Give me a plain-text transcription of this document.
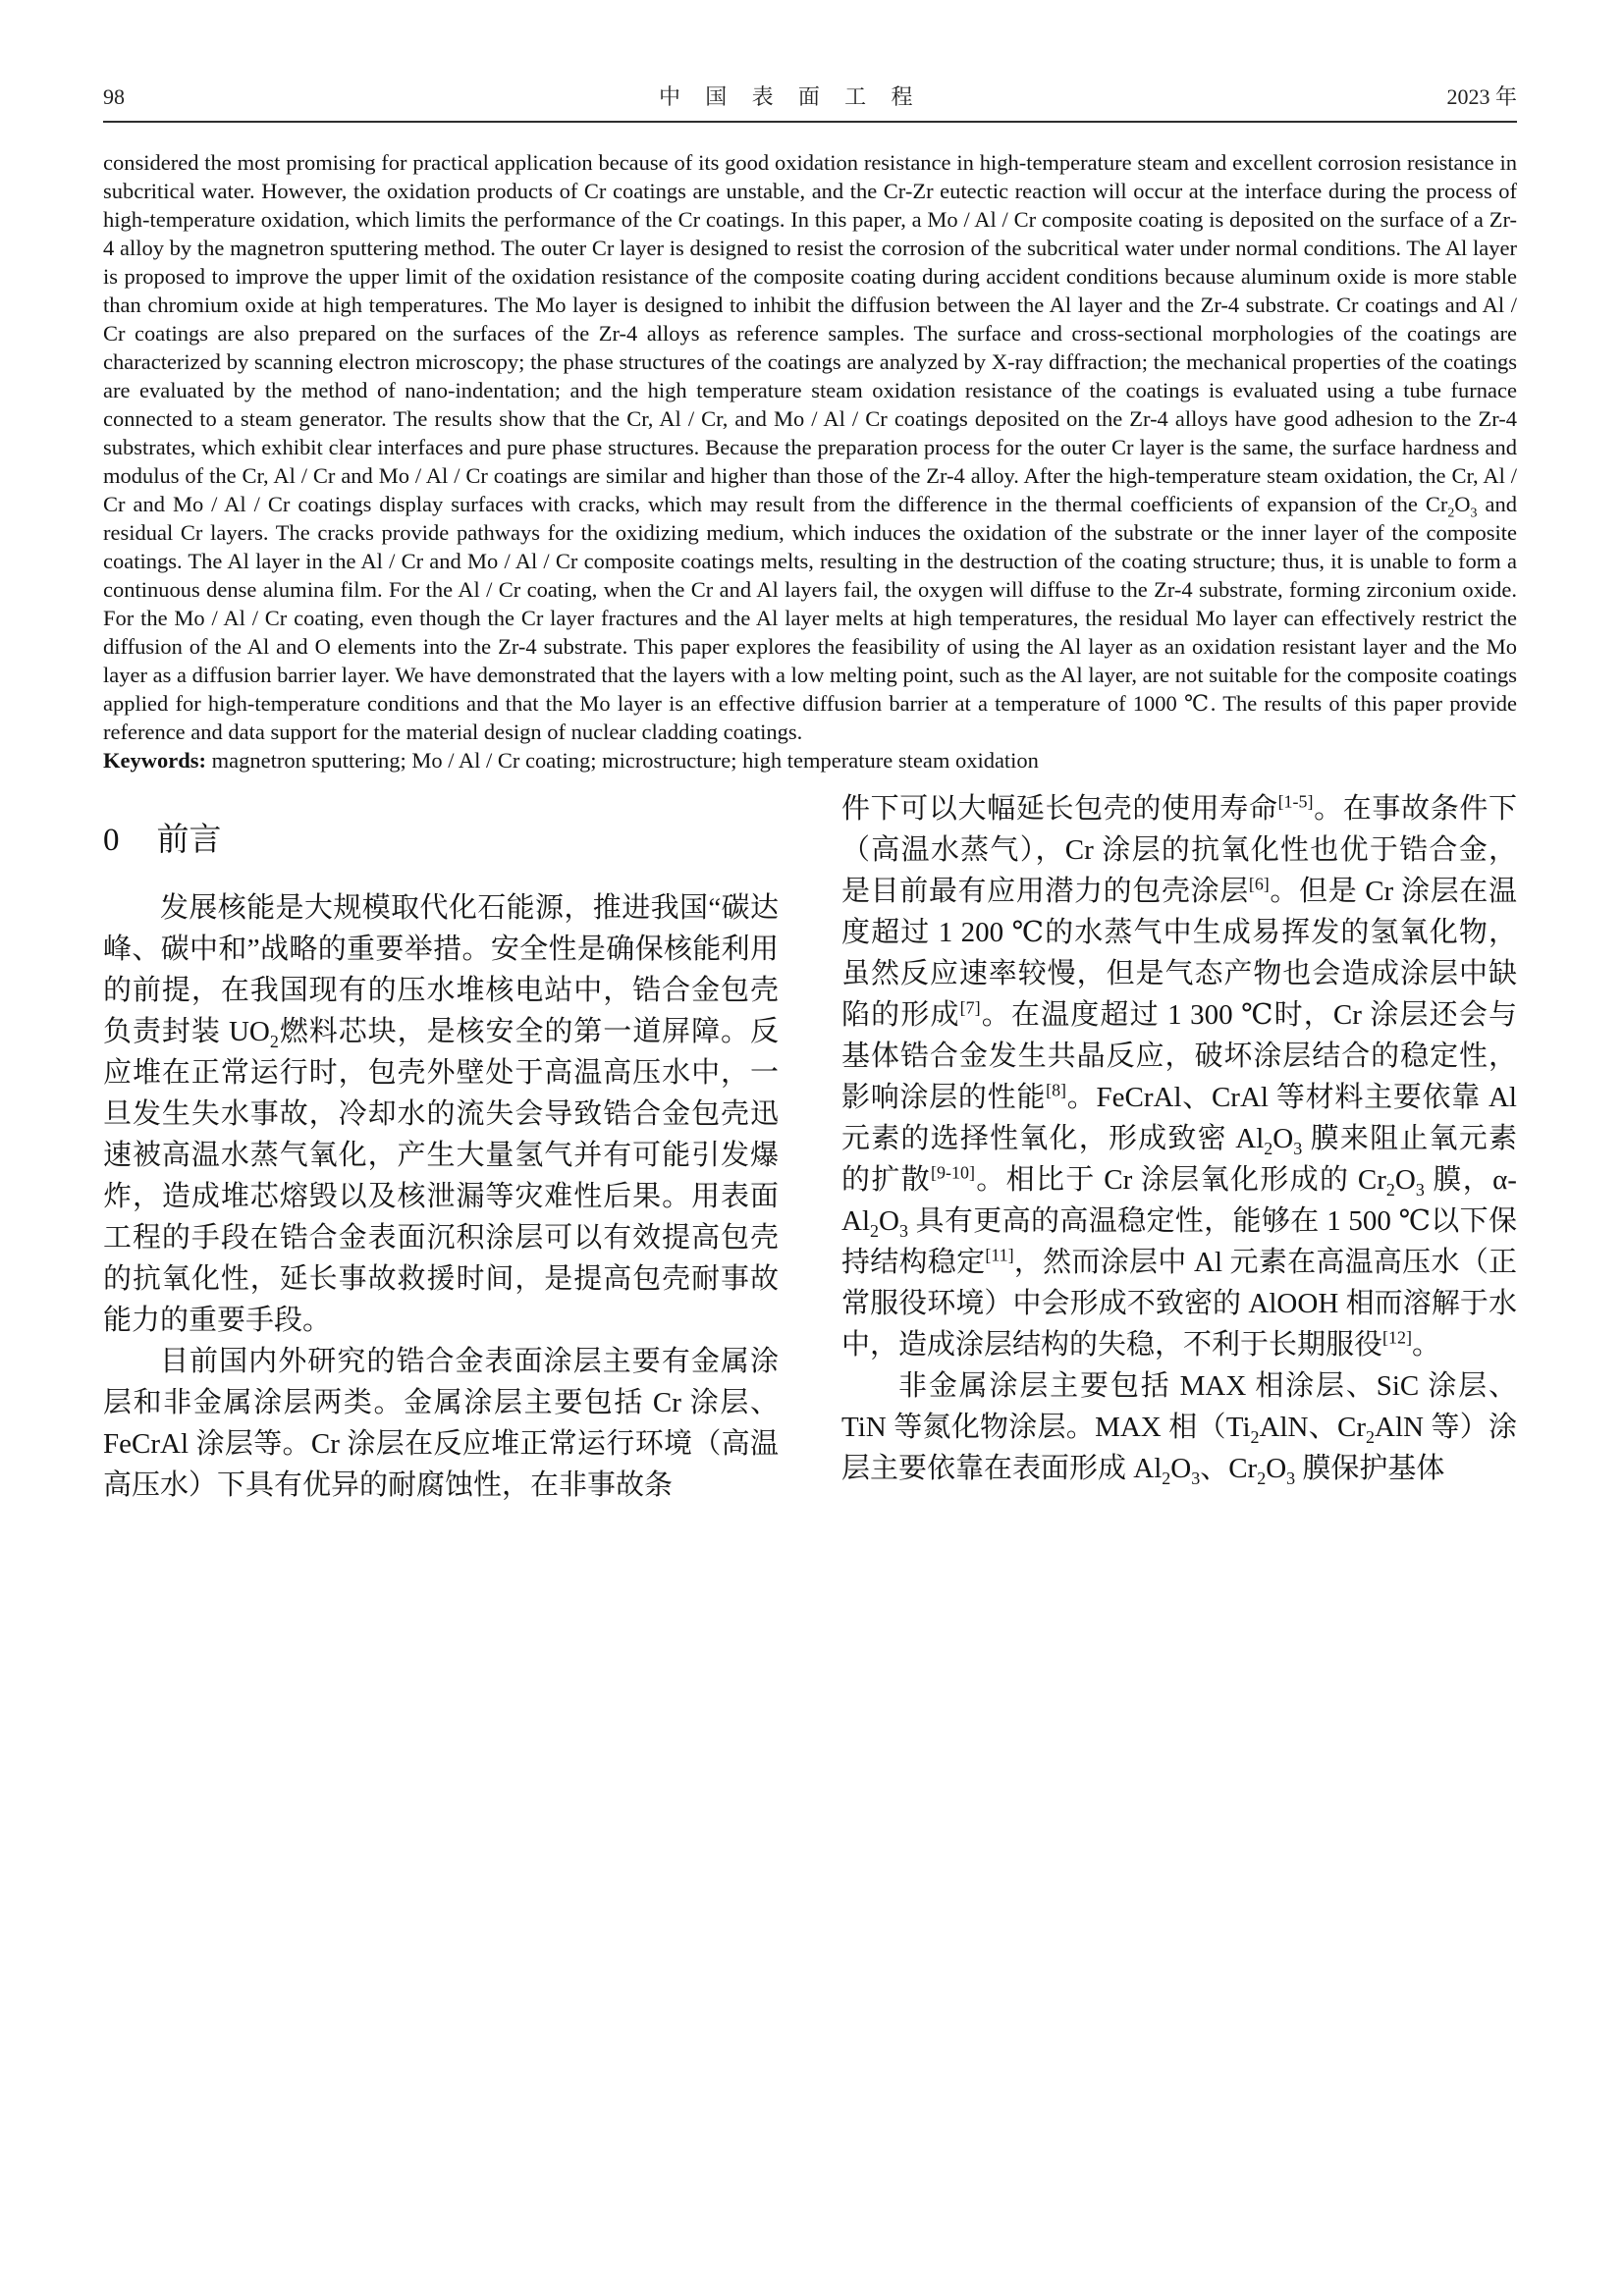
98	中 国 表 面 工 程	2023 年

considered the most promising for practical application because of its good oxidation resistance in high-temperature steam and excellent corrosion resistance in subcritical water. However, the oxidation products of Cr coatings are unstable, and the Cr-Zr eutectic reaction will occur at the interface during the process of high-temperature oxidation, which limits the performance of the Cr coatings. In this paper, a Mo / Al / Cr composite coating is deposited on the surface of a Zr-4 alloy by the magnetron sputtering method. The outer Cr layer is designed to resist the corrosion of the subcritical water under normal conditions. The Al layer is proposed to improve the upper limit of the oxidation resistance of the composite coating during accident conditions because aluminum oxide is more stable than chromium oxide at high temperatures. The Mo layer is designed to inhibit the diffusion between the Al layer and the Zr-4 substrate. Cr coatings and Al / Cr coatings are also prepared on the surfaces of the Zr-4 alloys as reference samples. The surface and cross-sectional morphologies of the coatings are characterized by scanning electron microscopy; the phase structures of the coatings are analyzed by X-ray diffraction; the mechanical properties of the coatings are evaluated by the method of nano-indentation; and the high temperature steam oxidation resistance of the coatings is evaluated using a tube furnace connected to a steam generator. The results show that the Cr, Al / Cr, and Mo / Al / Cr coatings deposited on the Zr-4 alloys have good adhesion to the Zr-4 substrates, which exhibit clear interfaces and pure phase structures. Because the preparation process for the outer Cr layer is the same, the surface hardness and modulus of the Cr, Al / Cr and Mo / Al / Cr coatings are similar and higher than those of the Zr-4 alloy. After the high-temperature steam oxidation, the Cr, Al / Cr and Mo / Al / Cr coatings display surfaces with cracks, which may result from the difference in the thermal coefficients of expansion of the $Cr_2O_3$ and residual Cr layers. The cracks provide pathways for the oxidizing medium, which induces the oxidation of the substrate or the inner layer of the composite coatings. The Al layer in the Al / Cr and Mo / Al / Cr composite coatings melts, resulting in the destruction of the coating structure; thus, it is unable to form a continuous dense alumina film. For the Al / Cr coating, when the Cr and Al layers fail, the oxygen will diffuse to the Zr-4 substrate, forming zirconium oxide. For the Mo / Al / Cr coating, even though the Cr layer fractures and the Al layer melts at high temperatures, the residual Mo layer can effectively restrict the diffusion of the Al and O elements into the Zr-4 substrate. This paper explores the feasibility of using the Al layer as an oxidation resistant layer and the Mo layer as a diffusion barrier layer. We have demonstrated that the layers with a low melting point, such as the Al layer, are not suitable for the composite coatings applied for high-temperature conditions and that the Mo layer is an effective diffusion barrier at a temperature of 1000 ℃. The results of this paper provide reference and data support for the material design of nuclear cladding coatings.

Keywords: magnetron sputtering; Mo / Al / Cr coating; microstructure; high temperature steam oxidation

0 前言

发展核能是大规模取代化石能源，推进我国“碳达峰、碳中和”战略的重要举措。安全性是确保核能利用的前提，在我国现有的压水堆核电站中，锆合金包壳负责封装 $UO_2$燃料芯块，是核安全的第一道屏障。反应堆在正常运行时，包壳外壁处于高温高压水中，一旦发生失水事故，冷却水的流失会导致锆合金包壳迅速被高温水蒸气氧化，产生大量氢气并有可能引发爆炸，造成堆芯熔毁以及核泄漏等灾难性后果。用表面工程的手段在锆合金表面沉积涂层可以有效提高包壳的抗氧化性，延长事故救援时间，是提高包壳耐事故能力的重要手段。

目前国内外研究的锆合金表面涂层主要有金属涂层和非金属涂层两类。金属涂层主要包括 Cr 涂层、FeCrAl 涂层等。Cr 涂层在反应堆正常运行环境（高温高压水）下具有优异的耐腐蚀性，在非事故条

件下可以大幅延长包壳的使用寿命[1-5]。在事故条件下（高温水蒸气），Cr 涂层的抗氧化性也优于锆合金，是目前最有应用潜力的包壳涂层[6]。但是 Cr 涂层在温度超过 1 200 ℃的水蒸气中生成易挥发的氢氧化物，虽然反应速率较慢，但是气态产物也会造成涂层中缺陷的形成[7]。在温度超过 1 300 ℃时，Cr 涂层还会与基体锆合金发生共晶反应，破坏涂层结合的稳定性，影响涂层的性能[8]。FeCrAl、CrAl 等材料主要依靠 Al 元素的选择性氧化，形成致密 $Al_2O_3$ 膜来阻止氧元素的扩散[9-10]。相比于 Cr 涂层氧化形成的 $Cr_2O_3$ 膜，$\alpha-Al_2O_3$ 具有更高的高温稳定性，能够在 1 500 ℃以下保持结构稳定[11]，然而涂层中 Al 元素在高温高压水（正常服役环境）中会形成不致密的 AlOOH 相而溶解于水中，造成涂层结构的失稳，不利于长期服役[12]。

非金属涂层主要包括 MAX 相涂层、SiC 涂层、TiN 等氮化物涂层。MAX 相（$Ti_2AlN$、$Cr_2AlN$ 等）涂层主要依靠在表面形成 $Al_2O_3$、$Cr_2O_3$ 膜保护基体
